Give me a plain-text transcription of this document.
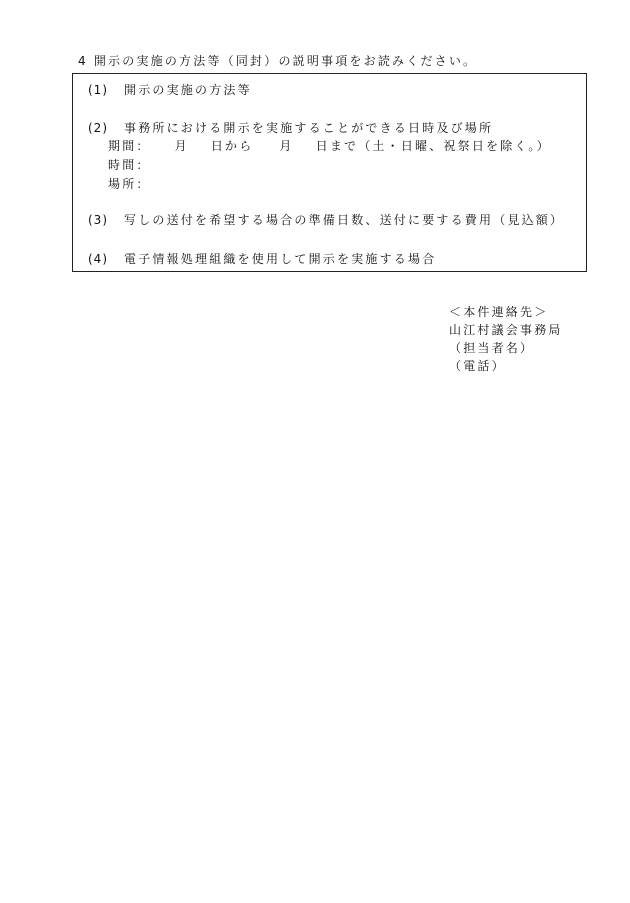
4 開示の実施の方法等（同封）の説明事項をお読みください。
(1) 開示の実施の方法等
(2) 事務所における開示を実施することができる日時及び場所
期間： 月 日から 月 日まで（土・日曜、祝祭日を除く。）
時間：
場所：
(3) 写しの送付を希望する場合の準備日数、送付に要する費用（見込額）
(4) 電子情報処理組織を使用して開示を実施する場合
＜本件連絡先＞
山江村議会事務局
（担当者名）
（電話）
